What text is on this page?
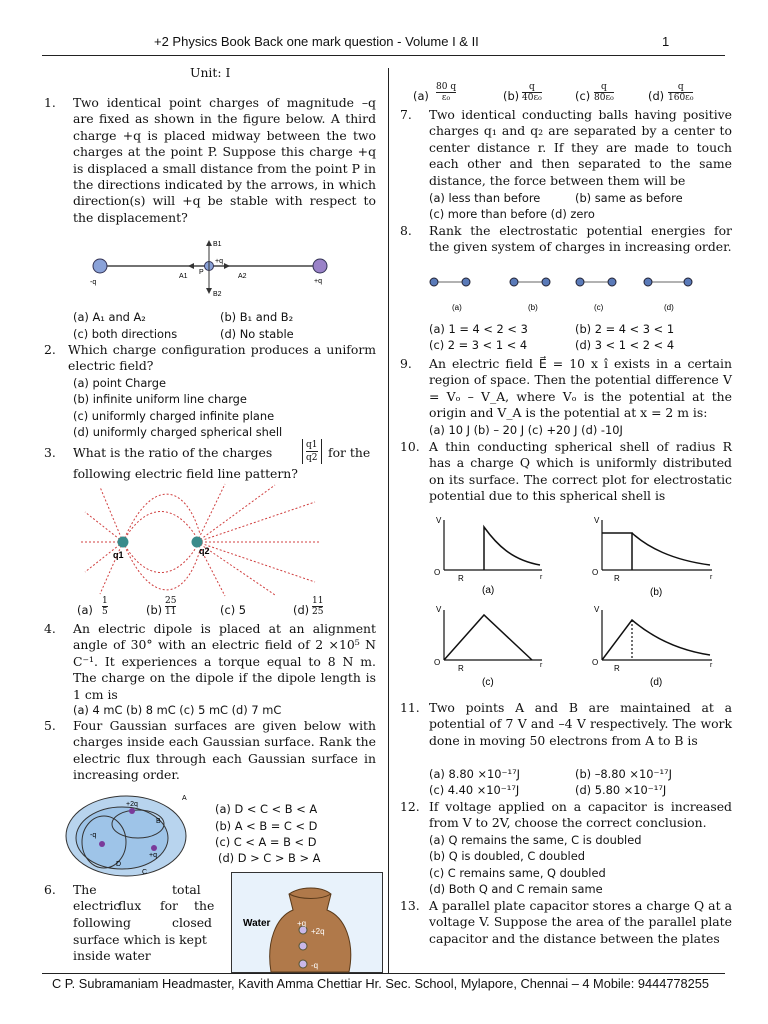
+2 Physics Book Back one mark question - Volume I & II	1
Unit: I
1. Two identical point charges of magnitude –q are fixed as shown in the figure below. A third charge +q is placed midway between the two charges at the point P. Suppose this charge +q is displaced a small distance from the point P in the directions indicated by the arrows, in which direction(s) will +q be stable with respect to the displacement?
-q	+q
+q
P
A1	A2
B1
B2
(a) A₁ and A₂	(b) B₁ and B₂
(c) both directions	(d) No stable
2. Which charge configuration produces a uniform electric field?
(a) point Charge
(b) infinite uniform line charge
(c) uniformly charged infinite plane
(d) uniformly charged spherical shell
3. What is the ratio of the charges	$\frac{q1}{q2}$ for the
following electric field line pattern?
q1	q2
(a)
1
5	(b)
25
11	(c) 5	(d)
11
25
4. An electric dipole is placed at an alignment angle of 30° with an electric field of 2 ×10⁵ N C⁻¹. It experiences a torque equal to 8 N m. The charge on the dipole if the dipole length is 1 cm is
(a) 4 mC (b) 8 mC (c) 5 mC (d) 7 mC
5. Four Gaussian surfaces are given below with charges inside each Gaussian surface. Rank the electric flux through each Gaussian surface in increasing order.
+2q
+q
-q
A
B
C
D
(a) D < C < B < A
(b) A < B = C < D
(c) C < A = B < D
(d) D > C > B > A
6. The	total
electric
flux for the
following	closed
surface which is kept
inside water
Water
+2q
+q
-q
$(a) \frac{80 q}{\text{ε₀}}$	$(b) \frac{q}{\text{40ε₀}}$	$(c) \frac{q}{\text{80ε₀}}$	$(d) \frac{q}{\text{160ε₀}}$
7. Two identical conducting balls having positive charges q₁ and q₂ are separated by a center to center distance r. If they are made to touch each other and then separated to the same distance, the force between them will be
(a) less than before	(b) same as before
(c) more than before (d) zero
8. Rank the electrostatic potential energies for the given system of charges in increasing order.
(a)	(b)	(c)	(d)
(a) 1 = 4 < 2 < 3	(b) 2 = 4 < 3 < 1
(c) 2 = 3 < 1 < 4	(d) 3 < 1 < 2 < 4
9. An electric field E⃗ = 10 x î exists in a certain region of space. Then the potential difference V = Vₒ – V_A, where Vₒ is the potential at the origin and V_A is the potential at x = 2 m is:
(a) 10 J (b) – 20 J (c) +20 J (d) -10J
10. A thin conducting spherical shell of radius R has a charge Q which is uniformly distributed on its surface. The correct plot for electrostatic potential due to this spherical shell is
V
O
R	r
(a)
V
O
R	r
(b)
V
O
R	r
(c)
V
O
R	r
(d)
11. Two points A and B are maintained at a potential of 7 V and –4 V respectively. The work done in moving 50 electrons from A to B is
(a) 8.80 ×10⁻¹⁷J	(b) –8.80 ×10⁻¹⁷J
(c) 4.40 ×10⁻¹⁷J	(d) 5.80 ×10⁻¹⁷J
12. If voltage applied on a capacitor is increased from V to 2V, choose the correct conclusion.
(a) Q remains the same, C is doubled
(b) Q is doubled, C doubled
(c) C remains same, Q doubled
(d) Both Q and C remain same
13. A parallel plate capacitor stores a charge Q at a voltage V. Suppose the area of the parallel plate capacitor and the distance between the plates
C P. Subramaniam Headmaster, Kavith Amma Chettiar Hr. Sec. School, Mylapore, Chennai – 4 Mobile: 9444778255
